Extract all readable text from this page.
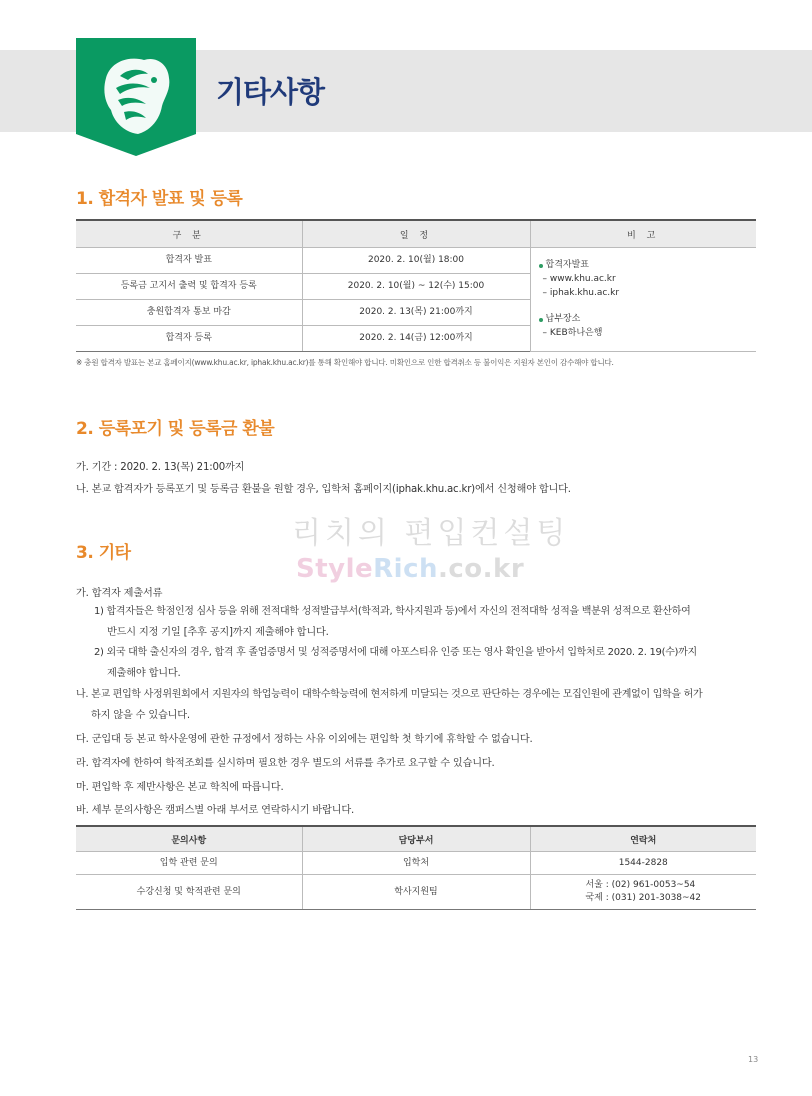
기타사항
1. 합격자 발표 및 등록
구 분	일 정	비 고
합격자 발표	2020. 2. 10(월) 18:00	합격자발표
– www.khu.ac.kr
– iphak.khu.ac.kr
납부장소
– KEB하나은행

등록금 고지서 출력 및 합격자 등록	2020. 2. 10(월) ~ 12(수) 15:00	
충원합격자 통보 마감	2020. 2. 13(목) 21:00까지	
합격자 등록	2020. 2. 14(금) 12:00까지	
※ 충원 합격자 발표는 본교 홈페이지(www.khu.ac.kr, iphak.khu.ac.kr)를 통해 확인해야 합니다. 미확인으로 인한 합격취소 등 불이익은 지원자 본인이 감수해야 합니다.
2. 등록포기 및 등록금 환불
가. 기간 : 2020. 2. 13(목) 21:00까지
나. 본교 합격자가 등록포기 및 등록금 환불을 원할 경우, 입학처 홈페이지(iphak.khu.ac.kr)에서 신청해야 합니다.
리치의 편입컨설팅
StyleRich.co.kr
3. 기타
가. 합격자 제출서류
1) 합격자들은 학점인정 심사 등을 위해 전적대학 성적발급부서(학적과, 학사지원과 등)에서 자신의 전적대학 성적을 백분위 성적으로 환산하여
반드시 지정 기일 [추후 공지]까지 제출해야 합니다.
2) 외국 대학 출신자의 경우, 합격 후 졸업증명서 및 성적증명서에 대해 아포스티유 인증 또는 영사 확인을 받아서 입학처로 2020. 2. 19(수)까지
제출해야 합니다.
나. 본교 편입학 사정위원회에서 지원자의 학업능력이 대학수학능력에 현저하게 미달되는 것으로 판단하는 경우에는 모집인원에 관계없이 입학을 허가
하지 않을 수 있습니다.
다. 군입대 등 본교 학사운영에 관한 규정에서 정하는 사유 이외에는 편입학 첫 학기에 휴학할 수 없습니다.
라. 합격자에 한하여 학적조회를 실시하며 필요한 경우 별도의 서류를 추가로 요구할 수 있습니다.
마. 편입학 후 제반사항은 본교 학칙에 따릅니다.
바. 세부 문의사항은 캠퍼스별 아래 부서로 연락하시기 바랍니다.
문의사항	담당부서	연락처
입학 관련 문의	입학처	1544-2828
수강신청 및 학적관련 문의	학사지원팀	서울 : (02) 961-0053~54
국제 : (031) 201-3038~42
13
